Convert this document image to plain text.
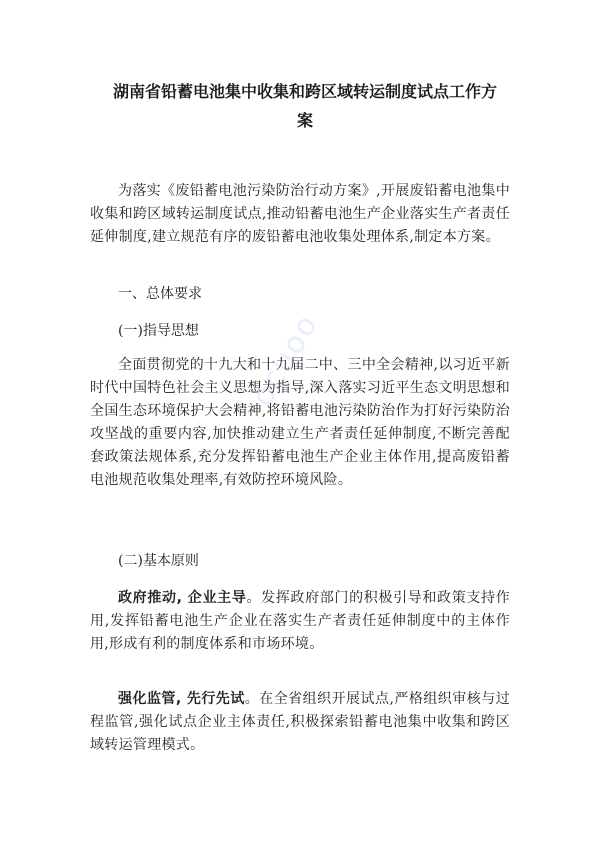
湖南省铅蓄电池集中收集和跨区域转运制度试点工作方
案
为落实《废铅蓄电池污染防治行动方案》,开展废铅蓄电池集中收集和跨区域转运制度试点,推动铅蓄电池生产企业落实生产者责任延伸制度,建立规范有序的废铅蓄电池收集处理体系,制定本方案。
一、总体要求
(一)指导思想
全面贯彻党的十九大和十九届二中、三中全会精神,以习近平新时代中国特色社会主义思想为指导,深入落实习近平生态文明思想和全国生态环境保护大会精神,将铅蓄电池污染防治作为打好污染防治攻坚战的重要内容,加快推动建立生产者责任延伸制度,不断完善配套政策法规体系,充分发挥铅蓄电池生产企业主体作用,提高废铅蓄电池规范收集处理率,有效防控环境风险。
(二)基本原则
政府推动, 企业主导。发挥政府部门的积极引导和政策支持作用,发挥铅蓄电池生产企业在落实生产者责任延伸制度中的主体作用,形成有利的制度体系和市场环境。
强化监管, 先行先试。在全省组织开展试点,严格组织审核与过程监管,强化试点企业主体责任,积极探索铅蓄电池集中收集和跨区域转运管理模式。
ocuoo
